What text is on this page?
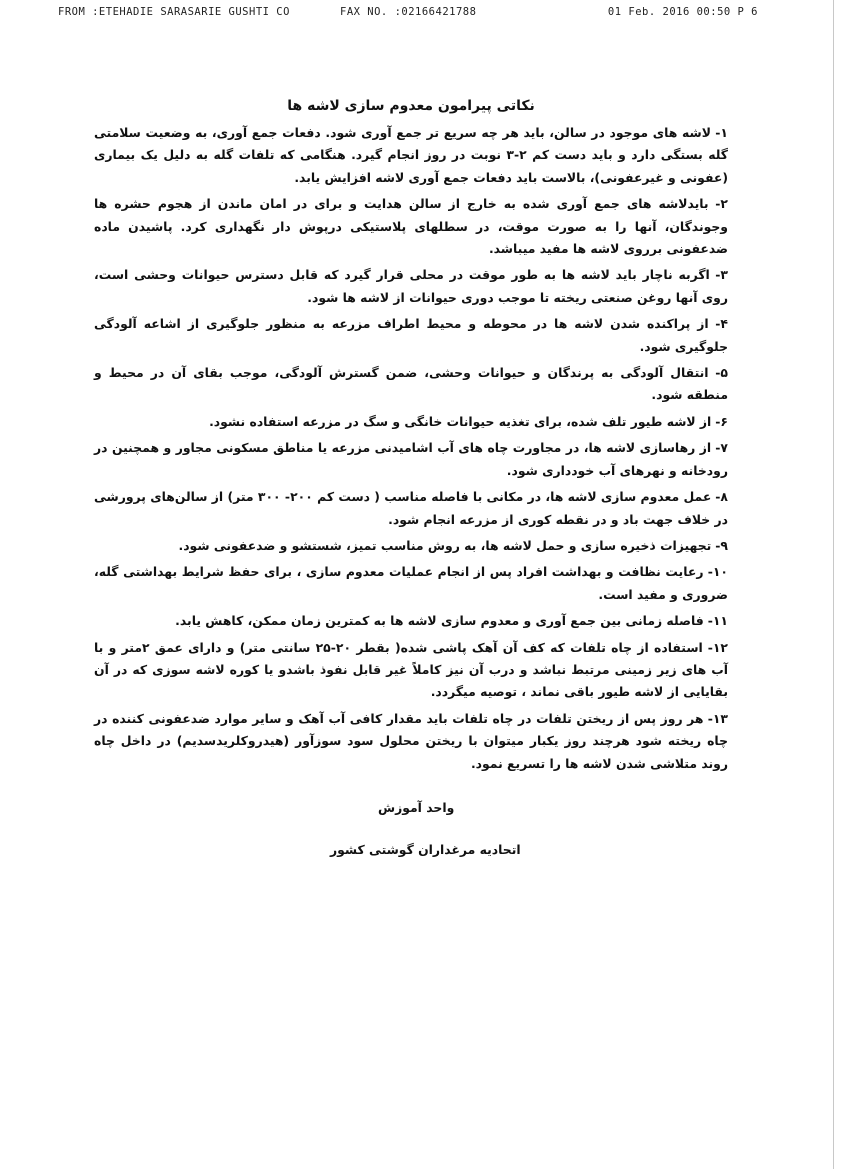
FROM :ETEHADIE SARASARIE GUSHTI CO	FAX NO. :02166421788	01 Feb. 2016 00:50 P 6
نکاتی پیرامون معدوم سازی لاشه ها
۱- لاشه های موجود در سالن، باید هر چه سریع تر جمع آوری شود. دفعات جمع آوری، به وضعیت سلامتی گله بستگی دارد و باید دست کم ۲-۳ نوبت در روز انجام گیرد. هنگامی که تلفات گله به دلیل یک بیماری (عفونی و غیرعفونی)، بالاست باید دفعات جمع آوری لاشه افزایش یابد.
۲- بایدلاشه های جمع آوری شده به خارج از سالن هدایت و برای در امان ماندن از هجوم حشره ها وجوندگان، آنها را به صورت موقت، در سطلهای پلاستیکی درپوش دار نگهداری کرد. پاشیدن ماده ضدعفونی برروی لاشه ها مفید میباشد.
۳- اگربه ناچار باید لاشه ها به طور موقت در محلی قرار گیرد که قابل دسترس حیوانات وحشی است، روی آنها روغن صنعتی ریخته تا موجب دوری حیوانات از لاشه ها شود.
۴- از پراکنده شدن لاشه ها در محوطه و محیط اطراف مزرعه به منظور جلوگیری از اشاعه آلودگی جلوگیری شود.
۵- انتقال آلودگی به پرندگان و حیوانات وحشی، ضمن گسترش آلودگی، موجب بقای آن در محیط و منطقه شود.
۶- از لاشه طیور تلف شده، برای تغذیه حیوانات خانگی و سگ در مزرعه استفاده نشود.
۷- از رهاسازی لاشه ها، در مجاورت چاه های آب اشامیدنی مزرعه یا مناطق مسکونی مجاور و همچنین در رودخانه و نهرهای آب خودداری شود.
۸- عمل معدوم سازی لاشه ها، در مکانی با فاصله مناسب ( دست کم ۲۰۰- ۳۰۰ متر) از سالن‌های پرورشی در خلاف جهت باد و در نقطه کوری از مزرعه انجام شود.
۹- تجهیزات ذخیره سازی و حمل لاشه ها، به روش مناسب تمیز، شستشو و ضدعفونی شود.
۱۰- رعایت نظافت و بهداشت افراد پس از انجام عملیات معدوم سازی ، برای حفظ شرایط بهداشتی گله، ضروری و مفید است.
۱۱- فاصله زمانی بین جمع آوری و معدوم سازی لاشه ها به کمترین زمان ممکن، کاهش یابد.
۱۲- استفاده از چاه تلفات که کف آن آهک پاشی شده( بقطر ۲۰-۲۵ سانتی متر) و دارای عمق ۲متر و با آب های زیر زمینی مرتبط نباشد و درب آن نیز کاملاً غیر قابل نفوذ باشدو یا کوره لاشه سوزی که در آن بقایایی از لاشه طیور باقی نماند ، توصیه میگردد.
۱۳- هر روز پس از ریختن تلفات در چاه تلفات باید مقدار کافی آب آهک و سایر موارد ضدعفونی کننده در چاه ریخته شود هرچند روز یکبار میتوان با ریختن محلول سود سوزآور (هیدروکلریدسدیم) در داخل چاه روند متلاشی شدن لاشه ها را تسریع نمود.
واحد آموزش
اتحادیه مرغداران گوشتی کشور
